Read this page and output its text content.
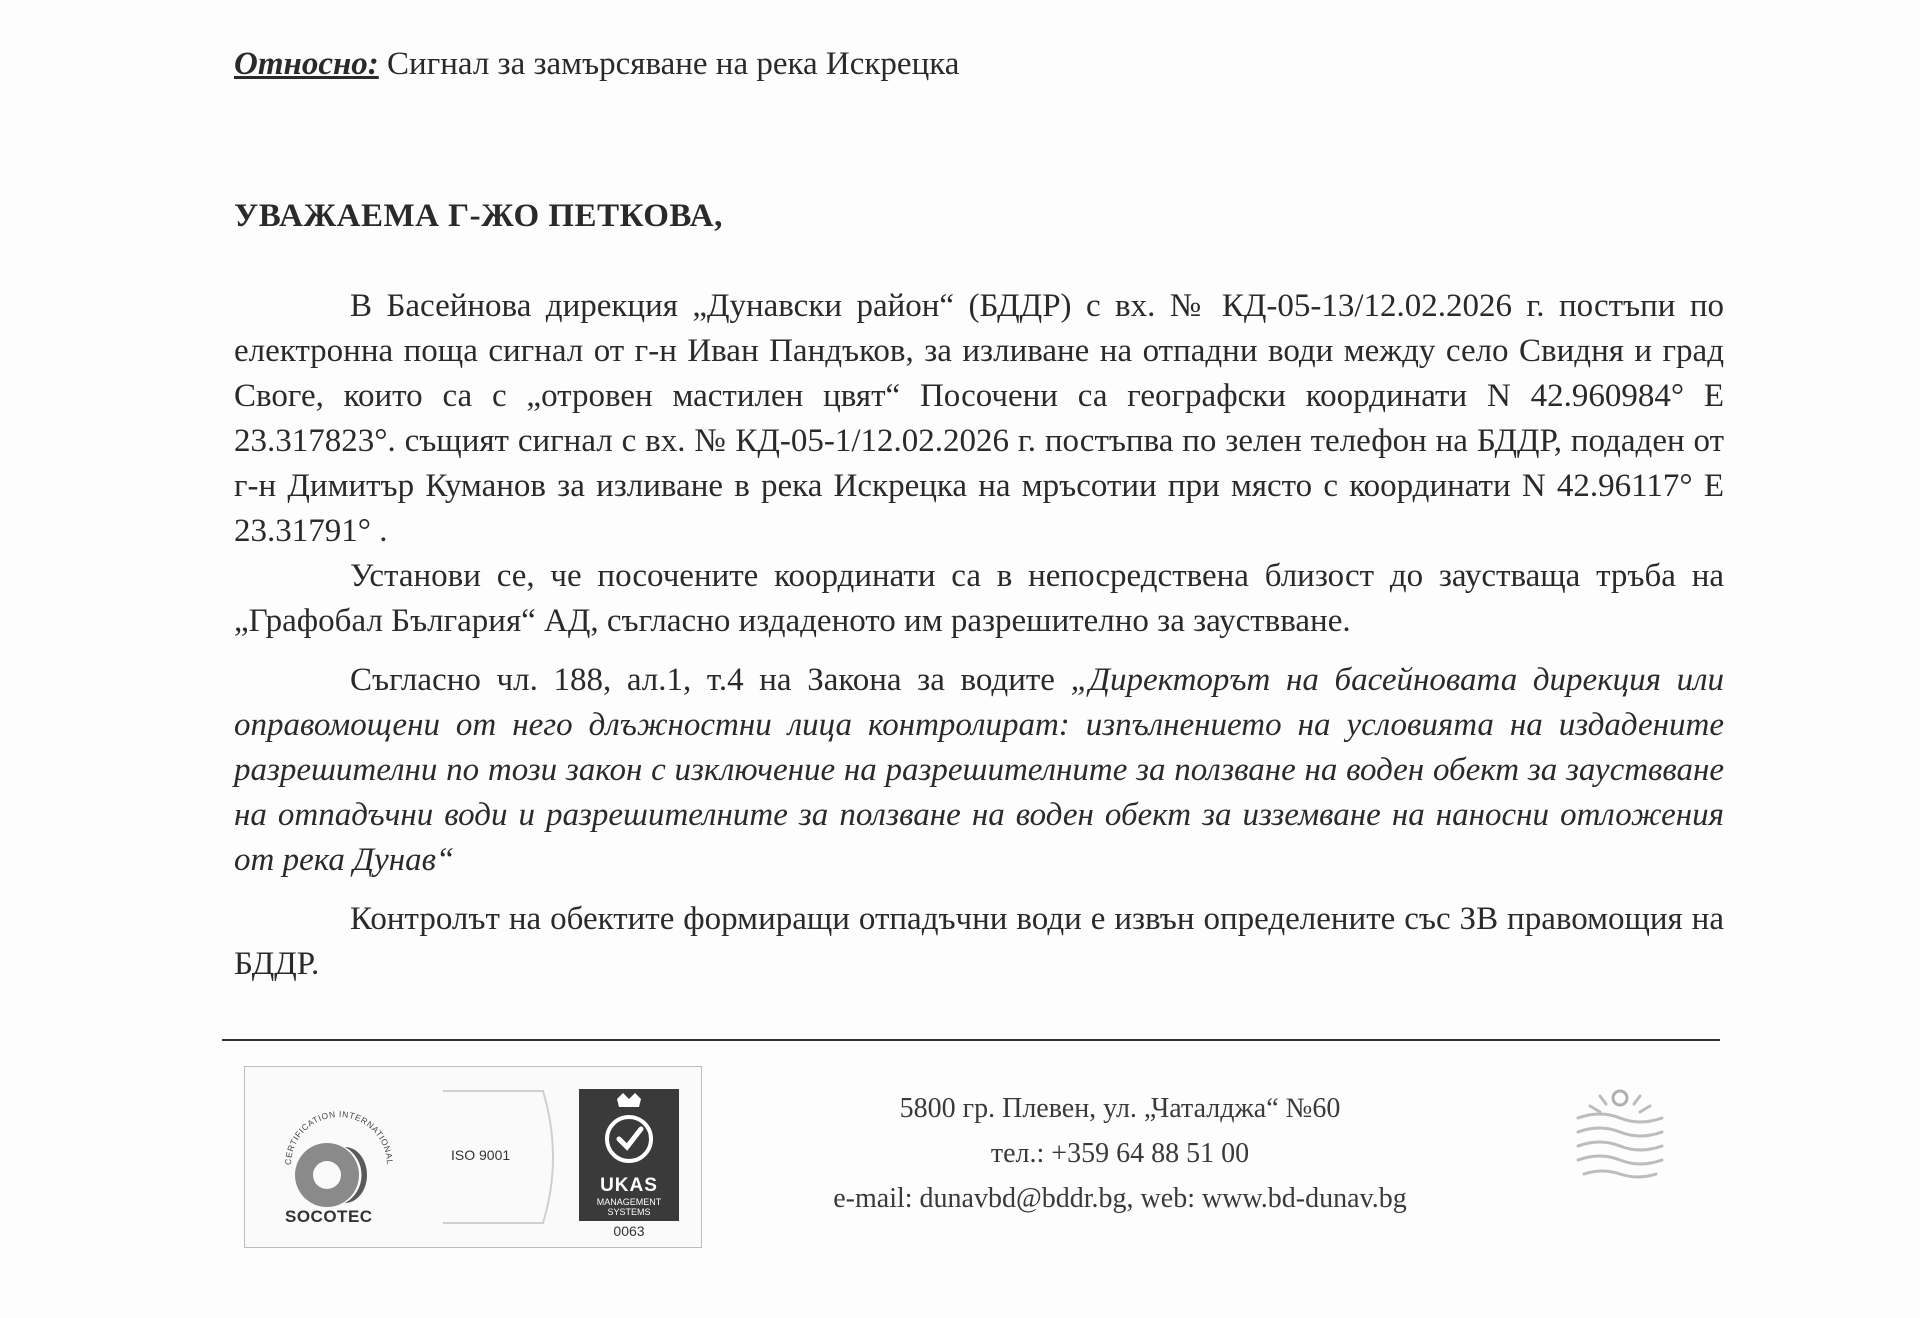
Относно: Сигнал за замърсяване на река Искрецка
УВАЖАЕМА Г-ЖО ПЕТКОВА,

В Басейнова дирекция „Дунавски район“ (БДДР) с вх. № КД-05-13/12.02.2026 г. постъпи по електронна поща сигнал от г-н Иван Пандъков, за изливане на отпадни води между село Свидня и град Своге, които са с „отровен мастилен цвят“ Посочени са географски координати N 42.960984° E 23.317823°. същият сигнал с вх. № КД-05-1/12.02.2026 г. постъпва по зелен телефон на БДДР, подаден от г-н Димитър Куманов за изливане в река Искрецка на мръсотии при място с координати N 42.96117° E 23.31791° .

Установи се, че посочените координати са в непосредствена близост до заустваща тръба на „Графобал България“ АД, съгласно издаденото им разрешително за зауствване.

Съгласно чл. 188, ал.1, т.4 на Закона за водите „Директорът на басейновата дирекция или оправомощени от него длъжностни лица контролират: изпълнението на условията на издадените разрешителни по този закон с изключение на разрешителните за ползване на воден обект за зауствване на отпадъчни води и разрешителните за ползване на воден обект за изземване на наносни отложения от река Дунав“

Контролът на обектите формиращи отпадъчни води е извън определените със ЗВ правомощия на БДДР.

CERTIFICATION INTERNATIONAL
SOCOTEC
ISO 9001
UKAS
MANAGEMENT
SYSTEMS
0063
5800 гр. Плевен, ул. „Чаталджа“ №60
тел.: +359 64 88 51 00
e-mail: dunavbd@bddr.bg, web: www.bd-dunav.bg
